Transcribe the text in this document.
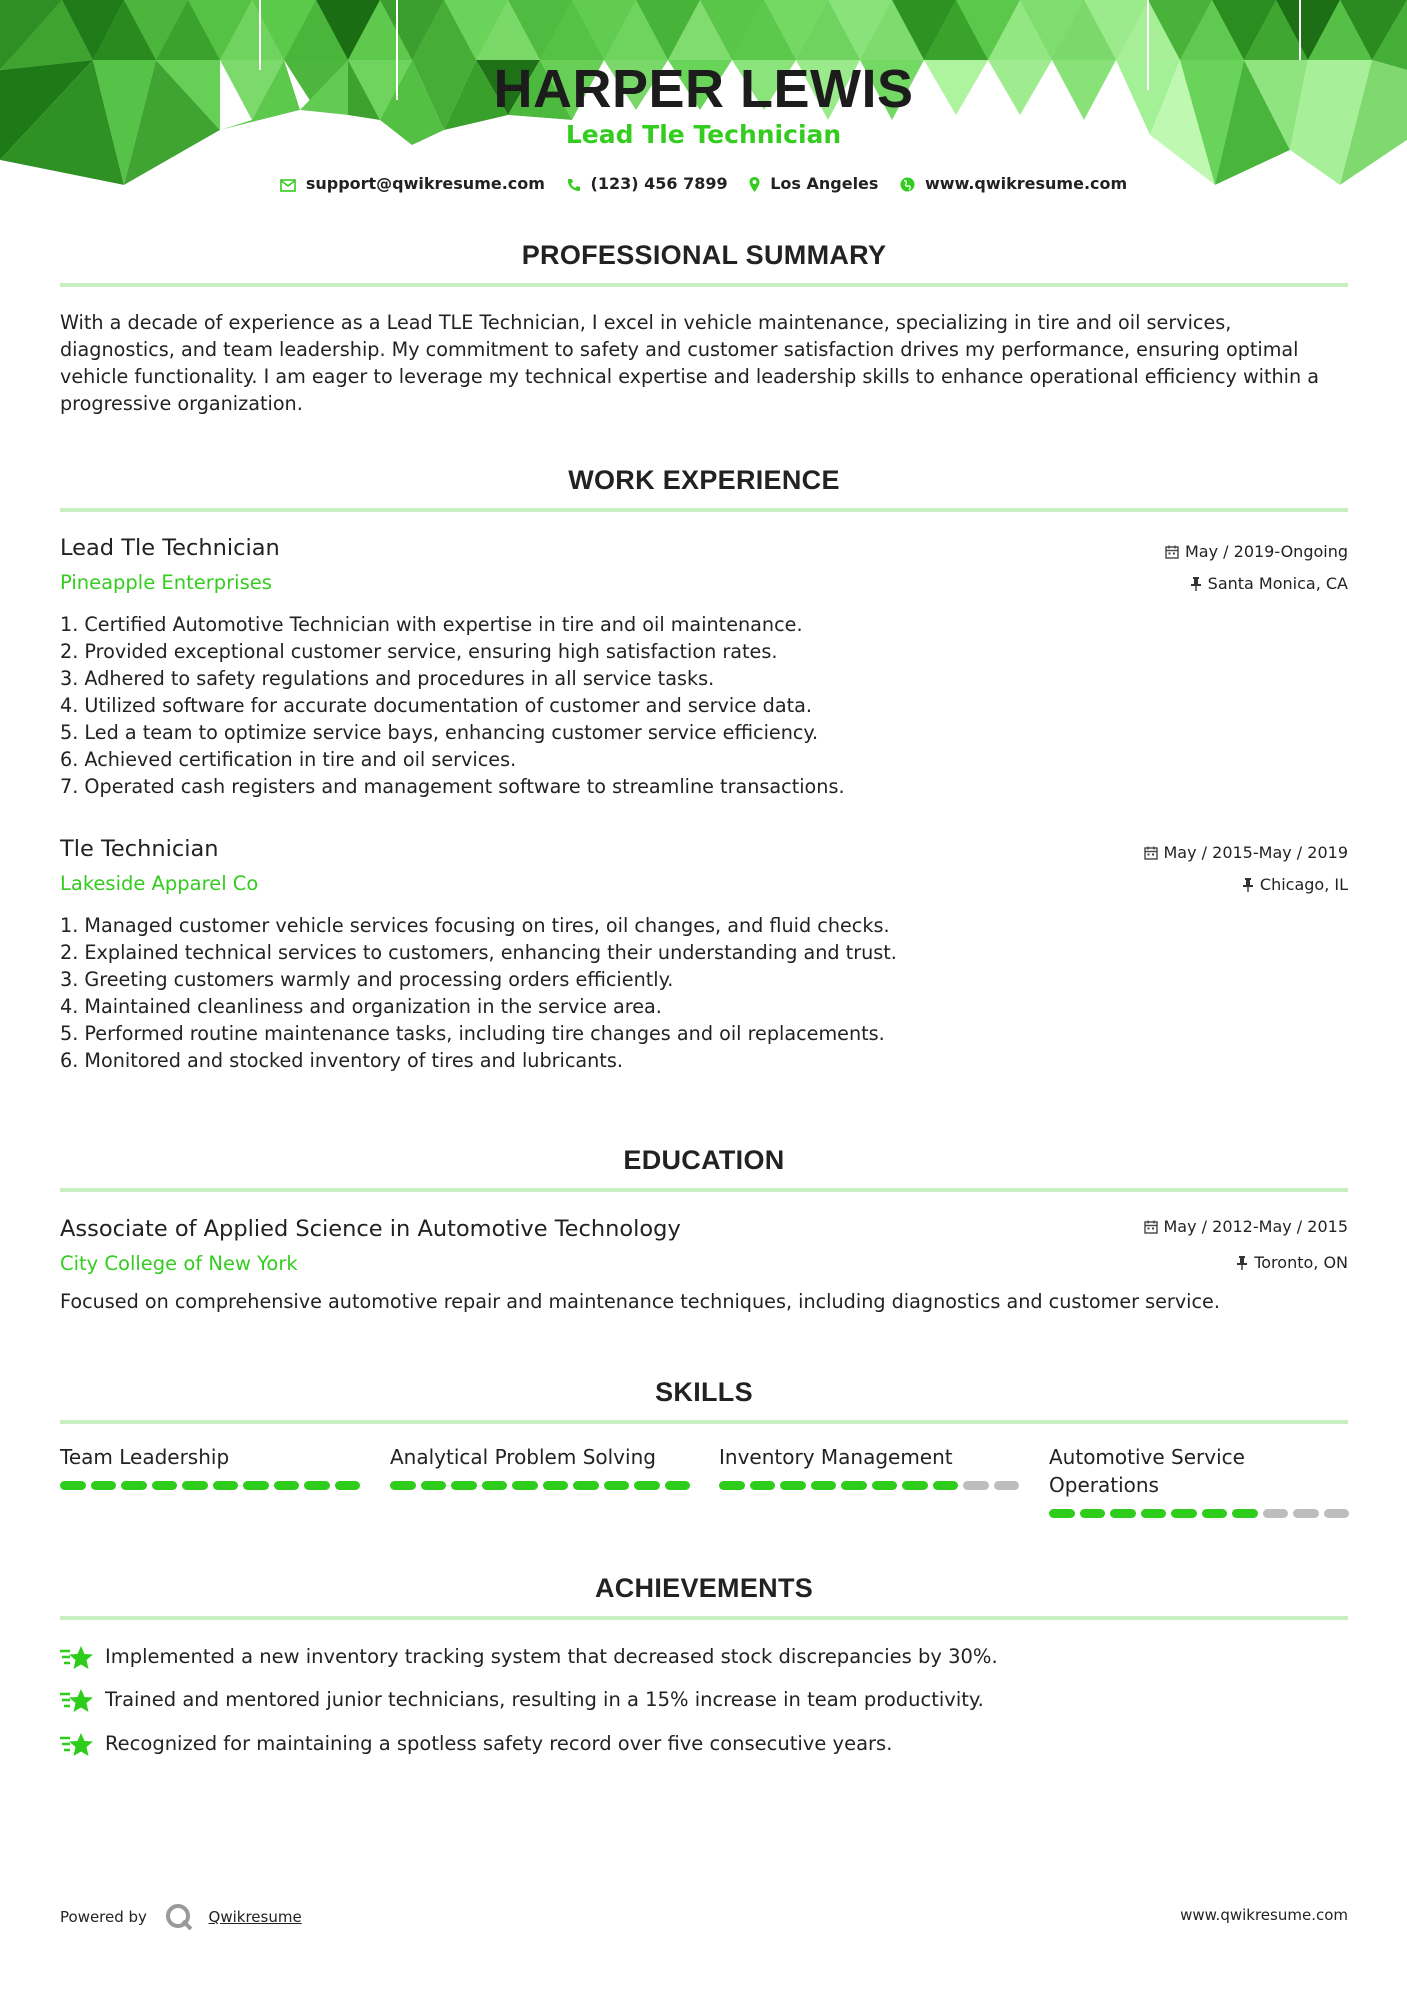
HARPER LEWIS
Lead Tle Technician
support@qwikresume.com	(123) 456 7899	Los Angeles	www.qwikresume.com
PROFESSIONAL SUMMARY

With a decade of experience as a Lead TLE Technician, I excel in vehicle maintenance, specializing in tire and oil services, diagnostics, and team leadership. My commitment to safety and customer satisfaction drives my performance, ensuring optimal vehicle functionality. I am eager to leverage my technical expertise and leadership skills to enhance operational efficiency within a progressive organization.

WORK EXPERIENCE
Lead Tle Technician
Pineapple Enterprises
May / 2019-Ongoing
Santa Monica, CA
1. Certified Automotive Technician with expertise in tire and oil maintenance.
2. Provided exceptional customer service, ensuring high satisfaction rates.
3. Adhered to safety regulations and procedures in all service tasks.
4. Utilized software for accurate documentation of customer and service data.
5. Led a team to optimize service bays, enhancing customer service efficiency.
6. Achieved certification in tire and oil services.
7. Operated cash registers and management software to streamline transactions.
Tle Technician
Lakeside Apparel Co
May / 2015-May / 2019
Chicago, IL
1. Managed customer vehicle services focusing on tires, oil changes, and fluid checks.
2. Explained technical services to customers, enhancing their understanding and trust.
3. Greeting customers warmly and processing orders efficiently.
4. Maintained cleanliness and organization in the service area.
5. Performed routine maintenance tasks, including tire changes and oil replacements.
6. Monitored and stocked inventory of tires and lubricants.
EDUCATION
Associate of Applied Science in Automotive Technology
City College of New York
May / 2012-May / 2015
Toronto, ON
Focused on comprehensive automotive repair and maintenance techniques, including diagnostics and customer service.
SKILLS
Team Leadership	Analytical Problem Solving	Inventory Management	Automotive Service Operations
ACHIEVEMENTS
Implemented a new inventory tracking system that decreased stock discrepancies by 30%.
Trained and mentored junior technicians, resulting in a 15% increase in team productivity.
Recognized for maintaining a spotless safety record over five consecutive years.
Powered by	Qwikresume	www.qwikresume.com
